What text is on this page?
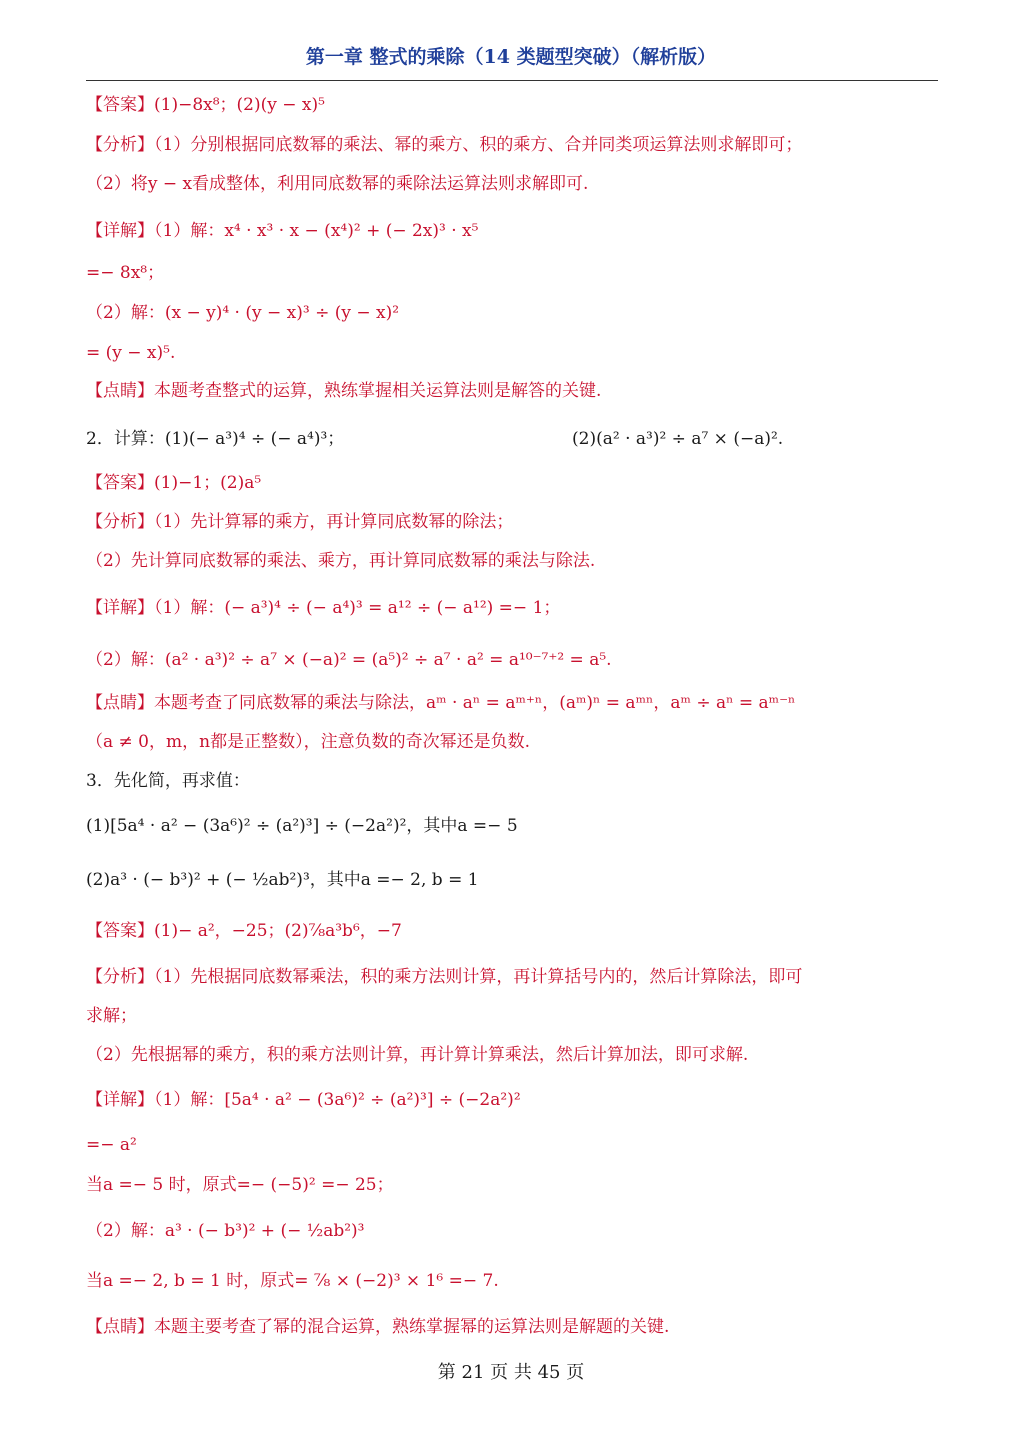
第一章 整式的乘除（14 类题型突破）（解析版）
【答案】(1)−8x⁸；(2)(y − x)⁵
【分析】（1）分别根据同底数幂的乘法、幂的乘方、积的乘方、合并同类项运算法则求解即可；
（2）将y − x看成整体，利用同底数幂的乘除法运算法则求解即可.
【详解】（1）解：x⁴ · x³ · x − (x⁴)² + (− 2x)³ · x⁵
=− 8x⁸；
（2）解：(x − y)⁴ · (y − x)³ ÷ (y − x)²
= (y − x)⁵.
【点睛】本题考查整式的运算，熟练掌握相关运算法则是解答的关键.
2．计算：(1)(− a³)⁴ ÷ (− a⁴)³；	(2)(a² · a³)² ÷ a⁷ × (−a)².
【答案】(1)−1；(2)a⁵
【分析】（1）先计算幂的乘方，再计算同底数幂的除法；
（2）先计算同底数幂的乘法、乘方，再计算同底数幂的乘法与除法.
【详解】（1）解：(− a³)⁴ ÷ (− a⁴)³ = a¹² ÷ (− a¹²) =− 1；
（2）解：(a² · a³)² ÷ a⁷ × (−a)² = (a⁵)² ÷ a⁷ · a² = a¹⁰⁻⁷⁺² = a⁵.
【点睛】本题考查了同底数幂的乘法与除法，aᵐ · aⁿ = aᵐ⁺ⁿ，(aᵐ)ⁿ = aᵐⁿ，aᵐ ÷ aⁿ = aᵐ⁻ⁿ
（a ≠ 0，m，n都是正整数），注意负数的奇次幂还是负数.
3．先化简，再求值：
(1)[5a⁴ · a² − (3a⁶)² ÷ (a²)³] ÷ (−2a²)²，其中a =− 5
(2)a³ · (− b³)² + (− ½ab²)³，其中a =− 2, b = 1
【答案】(1)− a²，−25；(2)⅞a³b⁶，−7
【分析】（1）先根据同底数幂乘法，积的乘方法则计算，再计算括号内的，然后计算除法，即可
求解；
（2）先根据幂的乘方，积的乘方法则计算，再计算计算乘法，然后计算加法，即可求解.
【详解】（1）解：[5a⁴ · a² − (3a⁶)² ÷ (a²)³] ÷ (−2a²)²
=− a²
当a =− 5 时，原式=− (−5)² =− 25；
（2）解：a³ · (− b³)² + (− ½ab²)³
当a =− 2, b = 1 时，原式= ⅞ × (−2)³ × 1⁶ =− 7.
【点睛】本题主要考查了幂的混合运算，熟练掌握幂的运算法则是解题的关键.
第 21 页 共 45 页
